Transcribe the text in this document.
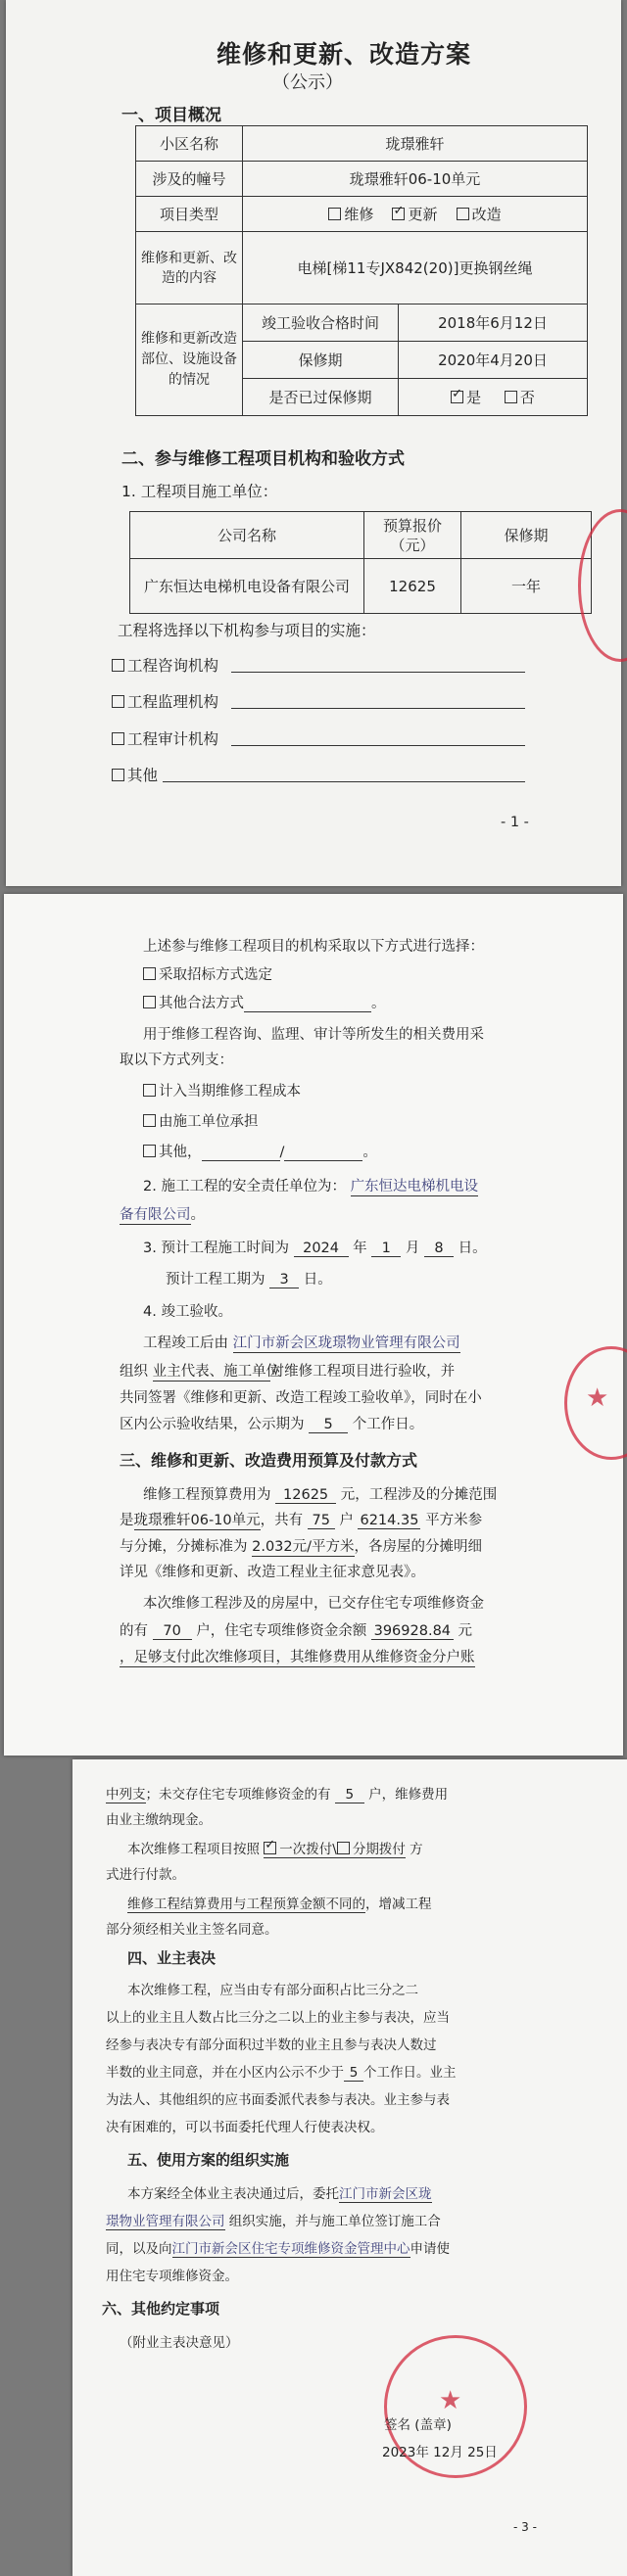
维修和更新、改造方案
（公示）
一、项目概况
小区名称	珑璟雅轩	
涉及的幢号	珑璟雅轩06-10单元	
项目类型	维修 ✓ 更新 改造
维修和更新、改造的内容	电梯[梯11专JX842(20)]更换钢丝绳	
维修和更新改造部位、设施设备的情况	竣工验收合格时间	2018年6月12日
	保修期	2020年4月20日
	是否已过保修期	✓是 否
二、参与维修工程项目机构和验收方式
1. 工程项目施工单位：
公司名称	预算报价（元）	保修期
广东恒达电梯机电设备有限公司	12625	一年
工程将选择以下机构参与项目的实施：
工程咨询机构
工程监理机构
工程审计机构
其他
- 1 -
上述参与维修工程项目的机构采取以下方式进行选择：
采取招标方式选定
其他合法方式	。
用于维修工程咨询、监理、审计等所发生的相关费用采
取以下方式列支：
计入当期维修工程成本
由施工单位承担
其他，	/	。
2. 施工工程的安全责任单位为： 广东恒达电梯机电设
备有限公司。
3. 预计工程施工时间为 2024 年 1 月 8 日。
预计工程工期为 3 日。
4. 竣工验收。
工程竣工后由 江门市新会区珑璟物业管理有限公司
组织 业主代表、施工单位对维修工程项目进行验收，并
共同签署《维修和更新、改造工程竣工验收单》，同时在小
区内公示验收结果，公示期为 5 个工作日。
三、维修和更新、改造费用预算及付款方式
维修工程预算费用为 12625 元，工程涉及的分摊范围
是珑璟雅轩06-10单元，共有 75 户 6214.35 平方米参
与分摊，分摊标准为 2.032元/平方米，各房屋的分摊明细
详见《维修和更新、改造工程业主征求意见表》。
本次维修工程涉及的房屋中，已交存住宅专项维修资金
的有 70 户，住宅专项维修资金余额 396928.84 元
，足够支付此次维修项目，其维修费用从维修资金分户账
★
中列支；未交存住宅专项维修资金的有 5 户，维修费用
由业主缴纳现金。
本次维修工程项目按照 ✓ 一次拨付\ 分期拨付 方
式进行付款。
维修工程结算费用与工程预算金额不同的，增减工程
部分须经相关业主签名同意。
四、业主表决
本次维修工程，应当由专有部分面积占比三分之二
以上的业主且人数占比三分之二以上的业主参与表决，应当
经参与表决专有部分面积过半数的业主且参与表决人数过
半数的业主同意，并在小区内公示不少于 5 个工作日。业主
为法人、其他组织的应书面委派代表参与表决。业主参与表
决有困难的，可以书面委托代理人行使表决权。
五、使用方案的组织实施
本方案经全体业主表决通过后，委托江门市新会区珑
璟物业管理有限公司 组织实施，并与施工单位签订施工合
同，以及向江门市新会区住宅专项维修资金管理中心申请使
用住宅专项维修资金。
六、其他约定事项
（附业主表决意见）
★
签名 (盖章)
2023年 12月 25日
- 3 -
